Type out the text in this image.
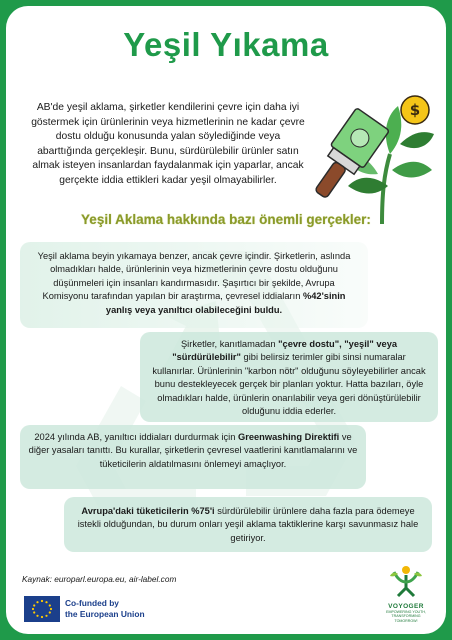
Yeşil Yıkama
AB'de yeşil aklama, şirketler kendilerini çevre için daha iyi göstermek için ürünlerinin veya hizmetlerinin ne kadar çevre dostu olduğu konusunda yalan söylediğinde veya abarttığında gerçekleşir. Bunu, sürdürülebilir ürünler satın almak isteyen insanlardan faydalanmak için yaparlar, ancak gerçekte iddia ettikleri kadar yeşil olmayabilirler.
$
Yeşil Aklama hakkında bazı önemli gerçekler:
Yeşil aklama beyin yıkamaya benzer, ancak çevre içindir. Şirketlerin, aslında olmadıkları halde, ürünlerinin veya hizmetlerinin çevre dostu olduğunu düşünmeleri için insanları kandırmasıdır. Şaşırtıcı bir şekilde, Avrupa Komisyonu tarafından yapılan bir araştırma, çevresel iddiaların %42'sinin yanlış veya yanıltıcı olabileceğini buldu.
Şirketler, kanıtlamadan "çevre dostu", "yeşil" veya "sürdürülebilir" gibi belirsiz terimler gibi sinsi numaralar kullanırlar. Ürünlerinin "karbon nötr" olduğunu söyleyebilirler ancak bunu destekleyecek gerçek bir planları yoktur. Hatta bazıları, öyle olmadıkları halde, ürünlerin onarılabilir veya geri dönüştürülebilir olduğunu iddia ederler.
2024 yılında AB, yanıltıcı iddiaları durdurmak için Greenwashing Direktifi ve diğer yasaları tanıttı. Bu kurallar, şirketlerin çevresel vaatlerini kanıtlamalarını ve tüketicilerin aldatılmasını önlemeyi amaçlıyor.
Avrupa'daki tüketicilerin %75'i sürdürülebilir ürünlere daha fazla para ödemeye istekli olduğundan, bu durum onları yeşil aklama taktiklerine karşı savunmasız hale getiriyor.
Kaynak: europarl.europa.eu, air-label.com
Co-funded by
the European Union
VOYOGER
EMPOWERING YOUTH,
TRANSFORMING
TOMORROW!
